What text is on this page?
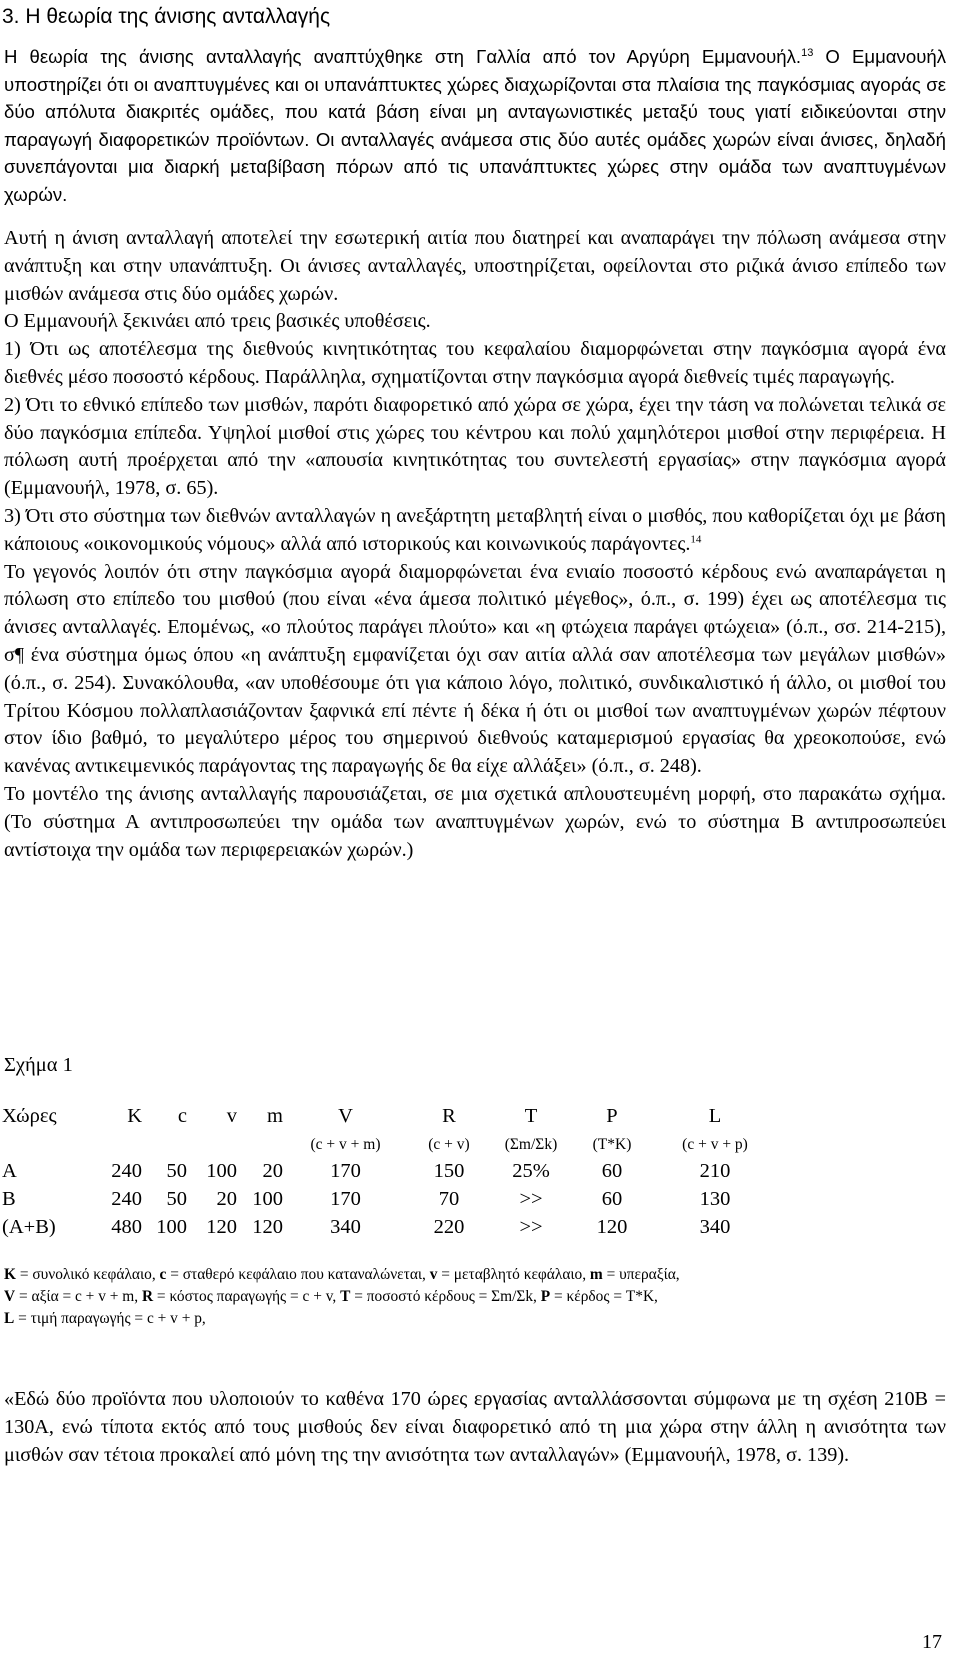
3. Η θεωρία της άνισης ανταλλαγής

Η θεωρία της άνισης ανταλλαγής αναπτύχθηκε στη Γαλλία από τον Αργύρη Εμμανουήλ.$^{13}$ Ο Εμμανουήλ υποστηρίζει ότι οι αναπτυγμένες και οι υπανάπτυκτες χώρες διαχωρίζονται στα πλαίσια της παγκόσμιας αγοράς σε δύο απόλυτα διακριτές ομάδες, που κατά βάση είναι μη ανταγωνιστικές μεταξύ τους γιατί ειδικεύονται στην παραγωγή διαφορετικών προϊόντων. Οι ανταλλαγές ανάμεσα στις δύο αυτές ομάδες χωρών είναι άνισες, δηλαδή συνεπάγονται μια διαρκή μεταβίβαση πόρων από τις υπανάπτυκτες χώρες στην ομάδα των αναπτυγμένων χωρών.

Αυτή η άνιση ανταλλαγή αποτελεί την εσωτερική αιτία που διατηρεί και αναπαράγει την πόλωση ανάμεσα στην ανάπτυξη και στην υπανάπτυξη. Οι άνισες ανταλλαγές, υποστηρίζεται, οφείλονται στο ριζικά άνισο επίπεδο των μισθών ανάμεσα στις δύο ομάδες χωρών.

Ο Εμμανουήλ ξεκινάει από τρεις βασικές υποθέσεις.

1) Ότι ως αποτέλεσμα της διεθνούς κινητικότητας του κεφαλαίου διαμορφώνεται στην παγκόσμια αγορά ένα διεθνές μέσο ποσοστό κέρδους. Παράλληλα, σχηματίζονται στην παγκόσμια αγορά διεθνείς τιμές παραγωγής.

2) Ότι το εθνικό επίπεδο των μισθών, παρότι διαφορετικό από χώρα σε χώρα, έχει την τάση να πολώνεται τελικά σε δύο παγκόσμια επίπεδα. Υψηλοί μισθοί στις χώρες του κέντρου και πολύ χαμηλότεροι μισθοί στην περιφέρεια. Η πόλωση αυτή προέρχεται από την «απουσία κινητικότητας του συντελεστή εργασίας» στην παγκόσμια αγορά (Εμμανουήλ, 1978, σ. 65).

3) Ότι στο σύστημα των διεθνών ανταλλαγών η ανεξάρτητη μεταβλητή είναι ο μισθός, που καθορίζεται όχι με βάση κάποιους «οικονομικούς νόμους» αλλά από ιστορικούς και κοινωνικούς παράγοντες.$^{14}$

Το γεγονός λοιπόν ότι στην παγκόσμια αγορά διαμορφώνεται ένα ενιαίο ποσοστό κέρδους ενώ αναπαράγεται η πόλωση στο επίπεδο του μισθού (που είναι «ένα άμεσα πολιτικό μέγεθος», ό.π., σ. 199) έχει ως αποτέλεσμα τις άνισες ανταλλαγές. Επομένως, «ο πλούτος παράγει πλούτο» και «η φτώχεια παράγει φτώχεια» (ό.π., σσ. 214-215), σ¶ ένα σύστημα όμως όπου «η ανάπτυξη εμφανίζεται όχι σαν αιτία αλλά σαν αποτέλεσμα των μεγάλων μισθών» (ό.π., σ. 254). Συνακόλουθα, «αν υποθέσουμε ότι για κάποιο λόγο, πολιτικό, συνδικαλιστικό ή άλλο, οι μισθοί του Τρίτου Κόσμου πολλαπλασιάζονταν ξαφνικά επί πέντε ή δέκα ή ότι οι μισθοί των αναπτυγμένων χωρών πέφτουν στον ίδιο βαθμό, το μεγαλύτερο μέρος του σημερινού διεθνούς καταμερισμού εργασίας θα χρεοκοπούσε, ενώ κανένας αντικειμενικός παράγοντας της παραγωγής δε θα είχε αλλάξει» (ό.π., σ. 248).

Το μοντέλο της άνισης ανταλλαγής παρουσιάζεται, σε μια σχετικά απλουστευμένη μορφή, στο παρακάτω σχήμα. (Το σύστημα Α αντιπροσωπεύει την ομάδα των αναπτυγμένων χωρών, ενώ το σύστημα Β αντιπροσωπεύει αντίστοιχα την ομάδα των περιφερειακών χωρών.)

Σχήμα 1
Χώρες	K	c	v	m	V	R	T	P	L
					(c + v + m)	(c + v)	(Σm/Σk)	(T*K)	(c + v + p)
A	240	50	100	20	170	150	25%	60	210
B	240	50	20	100	170	70	>>	60	130
(A+B)	480	100	120	120	340	220	>>	120	340

K = συνολικό κεφάλαιο, c = σταθερό κεφάλαιο που καταναλώνεται, v = μεταβλητό κεφάλαιο, m = υπεραξία,

V = αξία = c + v + m, R = κόστος παραγωγής = c + v, T = ποσοστό κέρδους = Σm/Σk, P = κέρδος = T*K,

L = τιμή παραγωγής = c + v + p,

«Εδώ δύο προϊόντα που υλοποιούν το καθένα 170 ώρες εργασίας ανταλλάσσονται σύμφωνα με τη σχέση 210B = 130A, ενώ τίποτα εκτός από τους μισθούς δεν είναι διαφορετικό από τη μια χώρα στην άλλη η ανισότητα των μισθών σαν τέτοια προκαλεί από μόνη της την ανισότητα των ανταλλαγών» (Εμμανουήλ, 1978, σ. 139).
17
